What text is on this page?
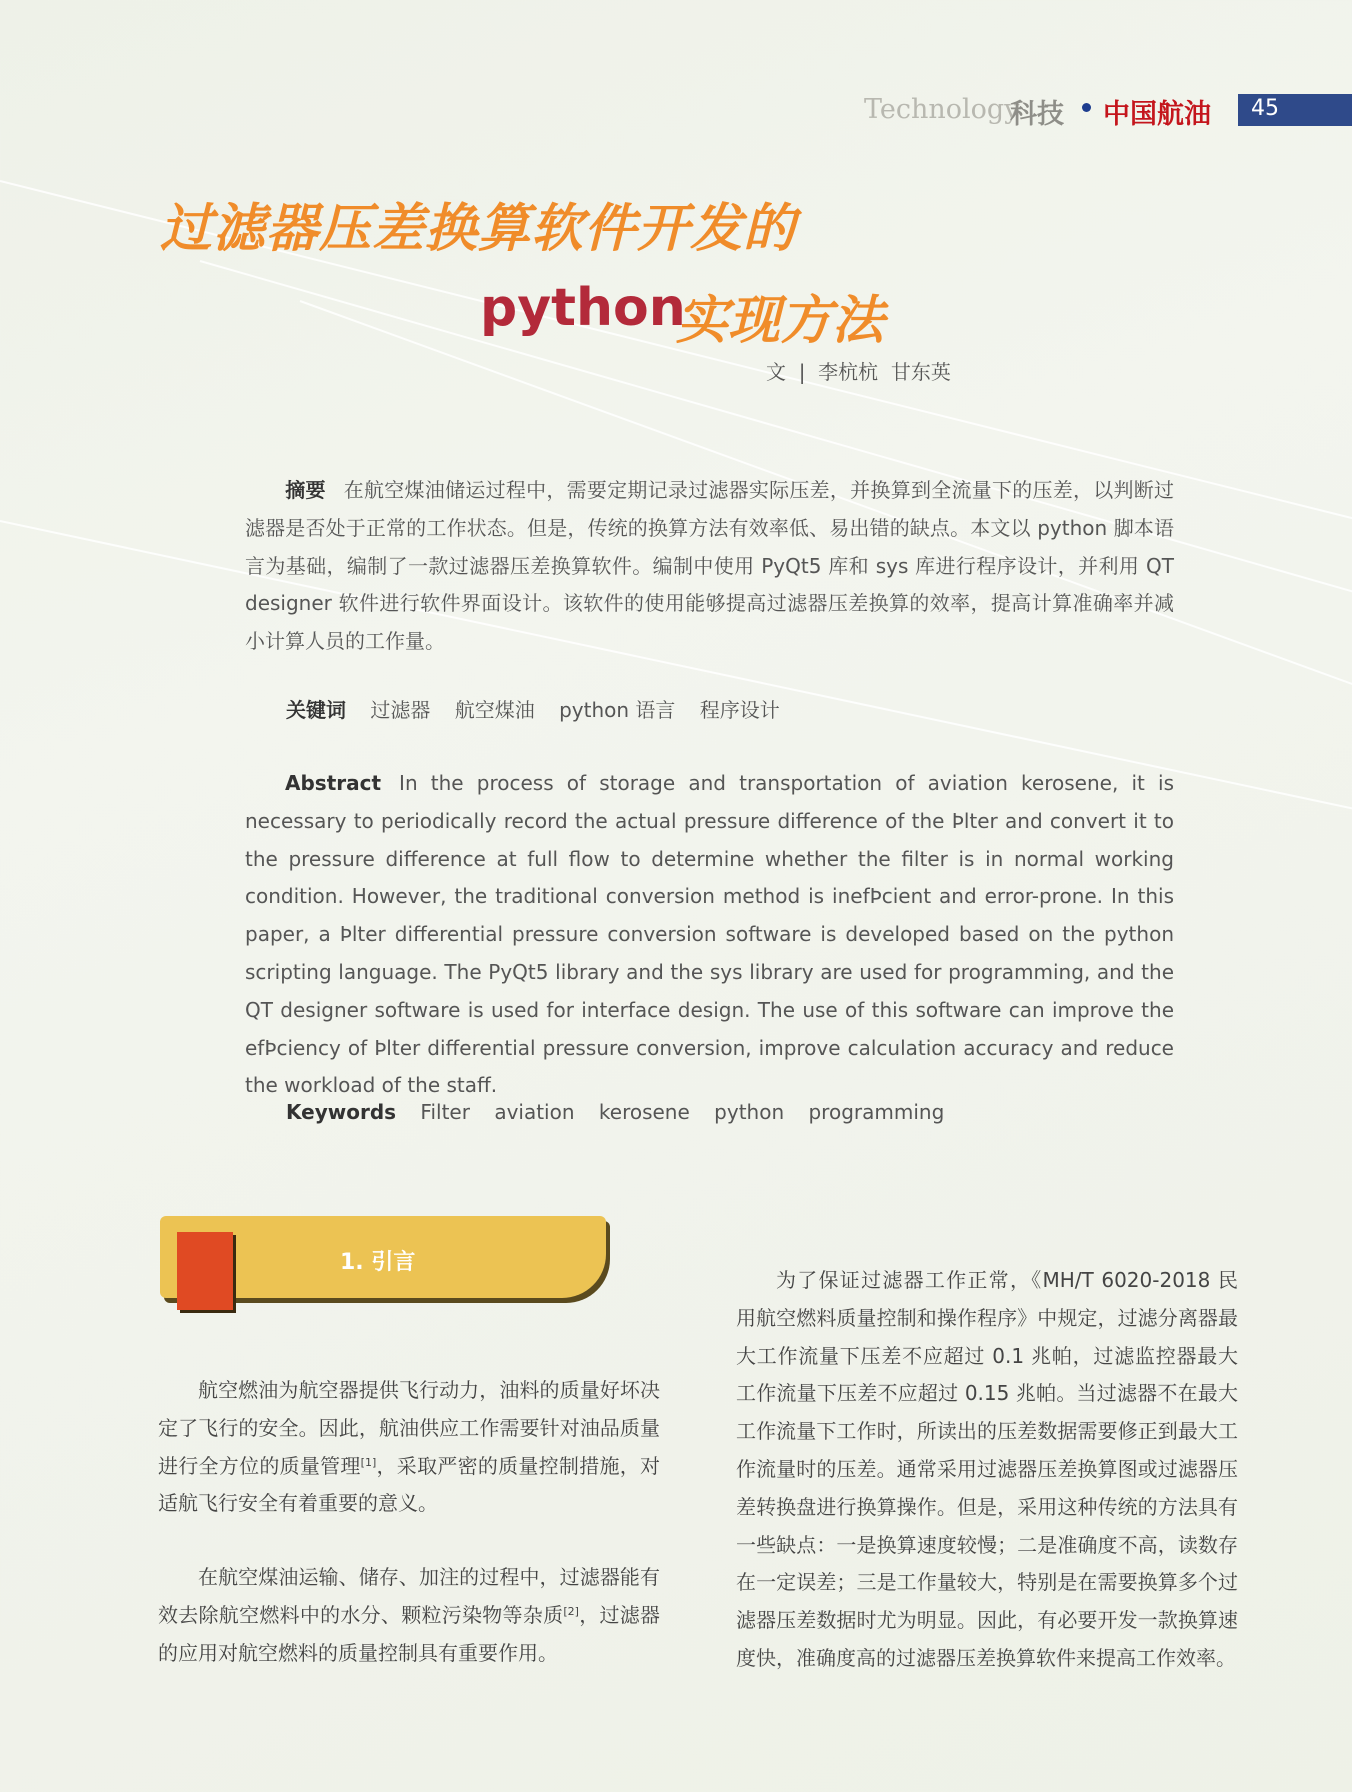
Technology
科技 中国航油 45
过滤器压差换算软件开发的
python
实现方法
文  |  李杭杭  甘东英
摘要 在航空煤油储运过程中，需要定期记录过滤器实际压差，并换算到全流量下的压差，以判断过滤器是否处于正常的工作状态。但是，传统的换算方法有效率低、易出错的缺点。本文以 python 脚本语言为基础，编制了一款过滤器压差换算软件。编制中使用 PyQt5 库和 sys 库进行程序设计，并利用 QT designer 软件进行软件界面设计。该软件的使用能够提高过滤器压差换算的效率，提高计算准确率并减小计算人员的工作量。
关键词 过滤器 航空煤油 python 语言 程序设计
Abstract In the process of storage and transportation of aviation kerosene, it is necessary to periodically record the actual pressure difference of the Þlter and convert it to the pressure difference at full flow to determine whether the filter is in normal working condition. However, the traditional conversion method is inefÞcient and error-prone. In this paper, a Þlter differential pressure conversion software is developed based on the python scripting language. The PyQt5 library and the sys library are used for programming, and the QT designer software is used for interface design. The use of this software can improve the efÞciency of Þlter differential pressure conversion, improve calculation accuracy and reduce the workload of the staff.
Keywords Filter aviation kerosene python programming
1. 引言

航空燃油为航空器提供飞行动力，油料的质量好坏决定了飞行的安全。因此，航油供应工作需要针对油品质量进行全方位的质量管理[1]，采取严密的质量控制措施，对适航飞行安全有着重要的意义。

在航空煤油运输、储存、加注的过程中，过滤器能有效去除航空燃料中的水分、颗粒污染物等杂质[2]，过滤器的应用对航空燃料的质量控制具有重要作用。

为了保证过滤器工作正常，《MH/T 6020-2018 民用航空燃料质量控制和操作程序》中规定，过滤分离器最大工作流量下压差不应超过 0.1 兆帕，过滤监控器最大工作流量下压差不应超过 0.15 兆帕。当过滤器不在最大工作流量下工作时，所读出的压差数据需要修正到最大工作流量时的压差。通常采用过滤器压差换算图或过滤器压差转换盘进行换算操作。但是，采用这种传统的方法具有一些缺点：一是换算速度较慢；二是准确度不高，读数存在一定误差；三是工作量较大，特别是在需要换算多个过滤器压差数据时尤为明显。因此，有必要开发一款换算速度快，准确度高的过滤器压差换算软件来提高工作效率。
